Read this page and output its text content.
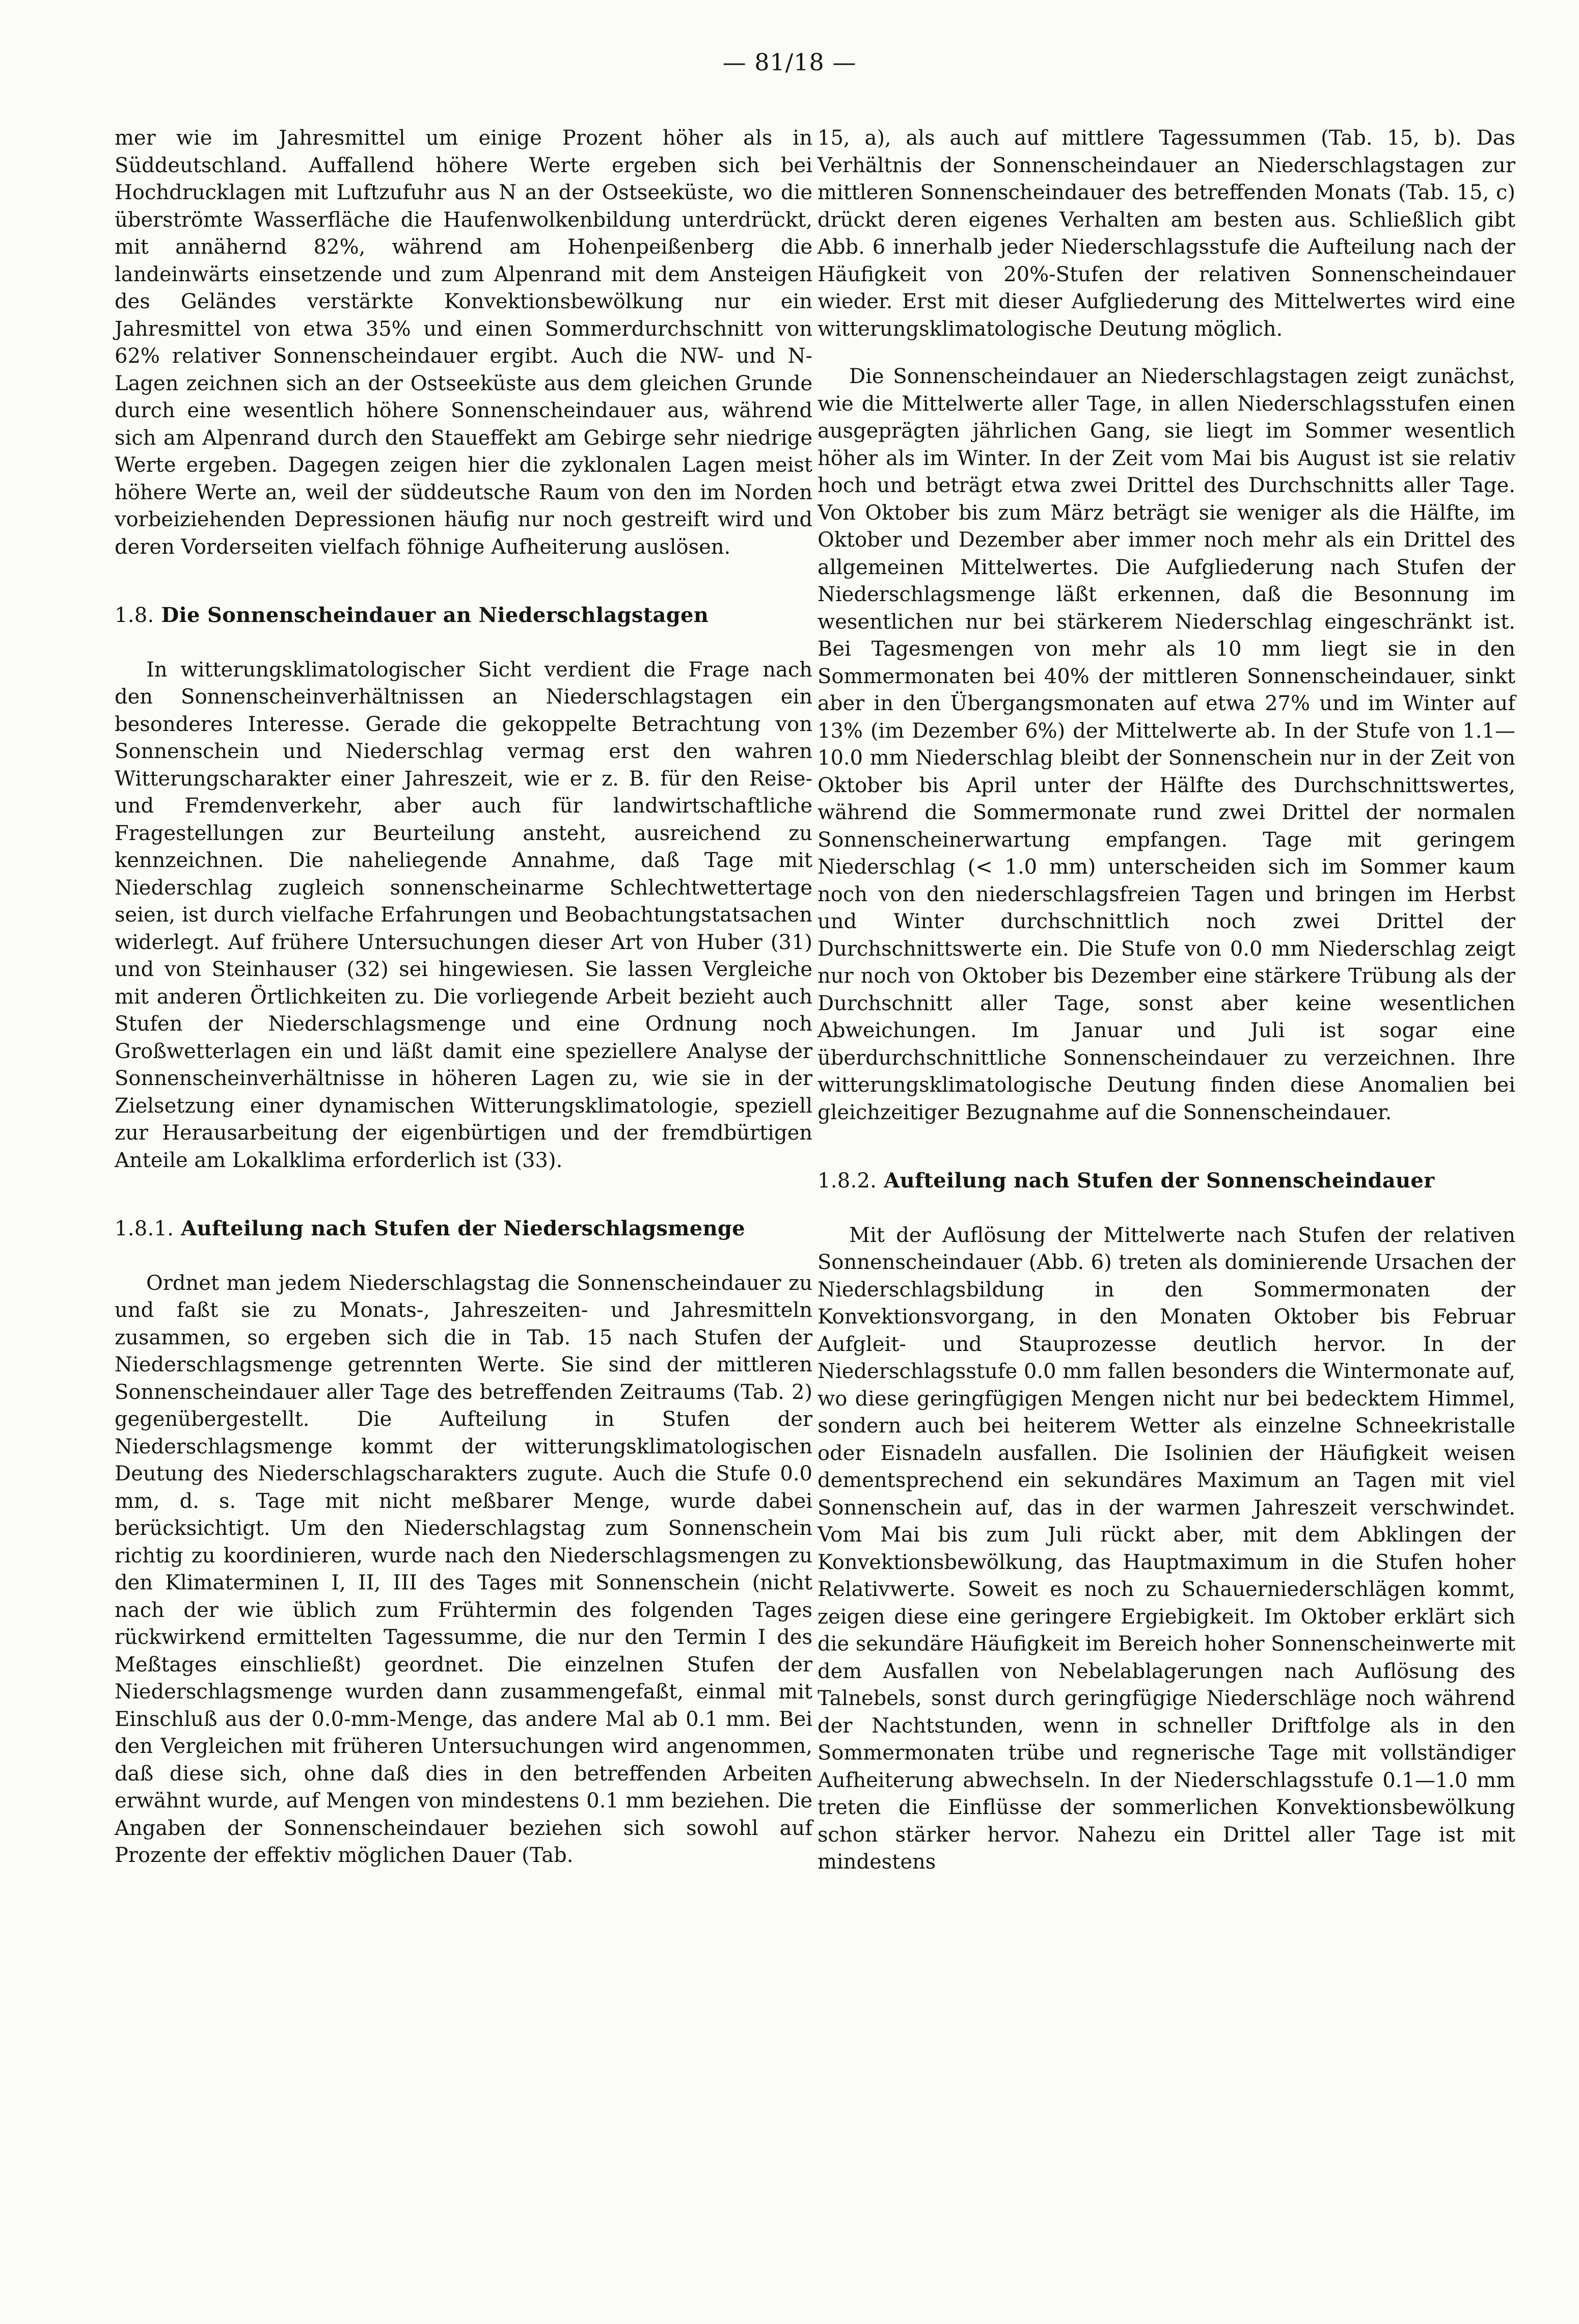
— 81/18 —

mer wie im Jahresmittel um einige Prozent höher als in Süddeutschland. Auffallend höhere Werte ergeben sich bei Hochdrucklagen mit Luftzufuhr aus N an der Ostseeküste, wo die überströmte Wasserfläche die Haufenwolkenbildung unterdrückt, mit annähernd 82%, während am Hohenpeißenberg die landeinwärts einsetzende und zum Alpenrand mit dem Ansteigen des Geländes verstärkte Konvektionsbewölkung nur ein Jahresmittel von etwa 35% und einen Sommerdurchschnitt von 62% relativer Sonnenscheindauer ergibt. Auch die NW- und N-Lagen zeichnen sich an der Ostseeküste aus dem gleichen Grunde durch eine wesentlich höhere Sonnenscheindauer aus, während sich am Alpenrand durch den Staueffekt am Gebirge sehr niedrige Werte ergeben. Dagegen zeigen hier die zyklonalen Lagen meist höhere Werte an, weil der süddeutsche Raum von den im Norden vorbeiziehenden Depressionen häufig nur noch gestreift wird und deren Vorderseiten vielfach föhnige Aufheiterung auslösen.

1.8. Die Sonnenscheindauer an Niederschlagstagen

In witterungsklimatologischer Sicht verdient die Frage nach den Sonnenscheinverhältnissen an Niederschlagstagen ein besonderes Interesse. Gerade die gekoppelte Betrachtung von Sonnenschein und Niederschlag vermag erst den wahren Witterungscharakter einer Jahreszeit, wie er z. B. für den Reise- und Fremdenverkehr, aber auch für landwirtschaftliche Fragestellungen zur Beurteilung ansteht, ausreichend zu kennzeichnen. Die naheliegende Annahme, daß Tage mit Niederschlag zugleich sonnenscheinarme Schlechtwettertage seien, ist durch vielfache Erfahrungen und Beobachtungstatsachen widerlegt. Auf frühere Untersuchungen dieser Art von Huber (31) und von Steinhauser (32) sei hingewiesen. Sie lassen Vergleiche mit anderen Örtlichkeiten zu. Die vorliegende Arbeit bezieht auch Stufen der Niederschlagsmenge und eine Ordnung noch Großwetterlagen ein und läßt damit eine speziellere Analyse der Sonnenscheinverhältnisse in höheren Lagen zu, wie sie in der Zielsetzung einer dynamischen Witterungsklimatologie, speziell zur Herausarbeitung der eigenbürtigen und der fremdbürtigen Anteile am Lokalklima erforderlich ist (33).

1.8.1. Aufteilung nach Stufen der Niederschlagsmenge

Ordnet man jedem Niederschlagstag die Sonnenscheindauer zu und faßt sie zu Monats-, Jahreszeiten- und Jahresmitteln zusammen, so ergeben sich die in Tab. 15 nach Stufen der Niederschlagsmenge getrennten Werte. Sie sind der mittleren Sonnenscheindauer aller Tage des betreffenden Zeitraums (Tab. 2) gegenübergestellt. Die Aufteilung in Stufen der Niederschlagsmenge kommt der witterungsklimatologischen Deutung des Niederschlagscharakters zugute. Auch die Stufe 0.0 mm, d. s. Tage mit nicht meßbarer Menge, wurde dabei berücksichtigt. Um den Niederschlagstag zum Sonnenschein richtig zu koordinieren, wurde nach den Niederschlagsmengen zu den Klimaterminen I, II, III des Tages mit Sonnenschein (nicht nach der wie üblich zum Frühtermin des folgenden Tages rückwirkend ermittelten Tagessumme, die nur den Termin I des Meßtages einschließt) geordnet. Die einzelnen Stufen der Niederschlagsmenge wurden dann zusammengefaßt, einmal mit Einschluß aus der 0.0-mm-Menge, das andere Mal ab 0.1 mm. Bei den Vergleichen mit früheren Untersuchungen wird angenommen, daß diese sich, ohne daß dies in den betreffenden Arbeiten erwähnt wurde, auf Mengen von mindestens 0.1 mm beziehen. Die Angaben der Sonnenscheindauer beziehen sich sowohl auf Prozente der effektiv möglichen Dauer (Tab.

15, a), als auch auf mittlere Tagessummen (Tab. 15, b). Das Verhältnis der Sonnenscheindauer an Niederschlagstagen zur mittleren Sonnenscheindauer des betreffenden Monats (Tab. 15, c) drückt deren eigenes Verhalten am besten aus. Schließlich gibt Abb. 6 innerhalb jeder Niederschlagsstufe die Aufteilung nach der Häufigkeit von 20%-Stufen der relativen Sonnenscheindauer wieder. Erst mit dieser Aufgliederung des Mittelwertes wird eine witterungsklimatologische Deutung möglich.

Die Sonnenscheindauer an Niederschlagstagen zeigt zunächst, wie die Mittelwerte aller Tage, in allen Niederschlagsstufen einen ausgeprägten jährlichen Gang, sie liegt im Sommer wesentlich höher als im Winter. In der Zeit vom Mai bis August ist sie relativ hoch und beträgt etwa zwei Drittel des Durchschnitts aller Tage. Von Oktober bis zum März beträgt sie weniger als die Hälfte, im Oktober und Dezember aber immer noch mehr als ein Drittel des allgemeinen Mittelwertes. Die Aufgliederung nach Stufen der Niederschlagsmenge läßt erkennen, daß die Besonnung im wesentlichen nur bei stärkerem Niederschlag eingeschränkt ist. Bei Tagesmengen von mehr als 10 mm liegt sie in den Sommermonaten bei 40% der mittleren Sonnenscheindauer, sinkt aber in den Übergangsmonaten auf etwa 27% und im Winter auf 13% (im Dezember 6%) der Mittelwerte ab. In der Stufe von 1.1—10.0 mm Niederschlag bleibt der Sonnenschein nur in der Zeit von Oktober bis April unter der Hälfte des Durchschnittswertes, während die Sommermonate rund zwei Drittel der normalen Sonnenscheinerwartung empfangen. Tage mit geringem Niederschlag (< 1.0 mm) unterscheiden sich im Sommer kaum noch von den niederschlagsfreien Tagen und bringen im Herbst und Winter durchschnittlich noch zwei Drittel der Durchschnittswerte ein. Die Stufe von 0.0 mm Niederschlag zeigt nur noch von Oktober bis Dezember eine stärkere Trübung als der Durchschnitt aller Tage, sonst aber keine wesentlichen Abweichungen. Im Januar und Juli ist sogar eine überdurchschnittliche Sonnenscheindauer zu verzeichnen. Ihre witterungsklimatologische Deutung finden diese Anomalien bei gleichzeitiger Bezugnahme auf die Sonnenscheindauer.

1.8.2. Aufteilung nach Stufen der Sonnenscheindauer

Mit der Auflösung der Mittelwerte nach Stufen der relativen Sonnenscheindauer (Abb. 6) treten als dominierende Ursachen der Niederschlagsbildung in den Sommermonaten der Konvektionsvorgang, in den Monaten Oktober bis Februar Aufgleit- und Stauprozesse deutlich hervor. In der Niederschlagsstufe 0.0 mm fallen besonders die Wintermonate auf, wo diese geringfügigen Mengen nicht nur bei bedecktem Himmel, sondern auch bei heiterem Wetter als einzelne Schneekristalle oder Eisnadeln ausfallen. Die Isolinien der Häufigkeit weisen dementsprechend ein sekundäres Maximum an Tagen mit viel Sonnenschein auf, das in der warmen Jahreszeit verschwindet. Vom Mai bis zum Juli rückt aber, mit dem Abklingen der Konvektionsbewölkung, das Hauptmaximum in die Stufen hoher Relativwerte. Soweit es noch zu Schauerniederschlägen kommt, zeigen diese eine geringere Ergiebigkeit. Im Oktober erklärt sich die sekundäre Häufigkeit im Bereich hoher Sonnenscheinwerte mit dem Ausfallen von Nebelablagerungen nach Auflösung des Talnebels, sonst durch geringfügige Niederschläge noch während der Nachtstunden, wenn in schneller Driftfolge als in den Sommermonaten trübe und regnerische Tage mit vollständiger Aufheiterung abwechseln. In der Niederschlagsstufe 0.1—1.0 mm treten die Einflüsse der sommerlichen Konvektionsbewölkung schon stärker hervor. Nahezu ein Drittel aller Tage ist mit mindestens
